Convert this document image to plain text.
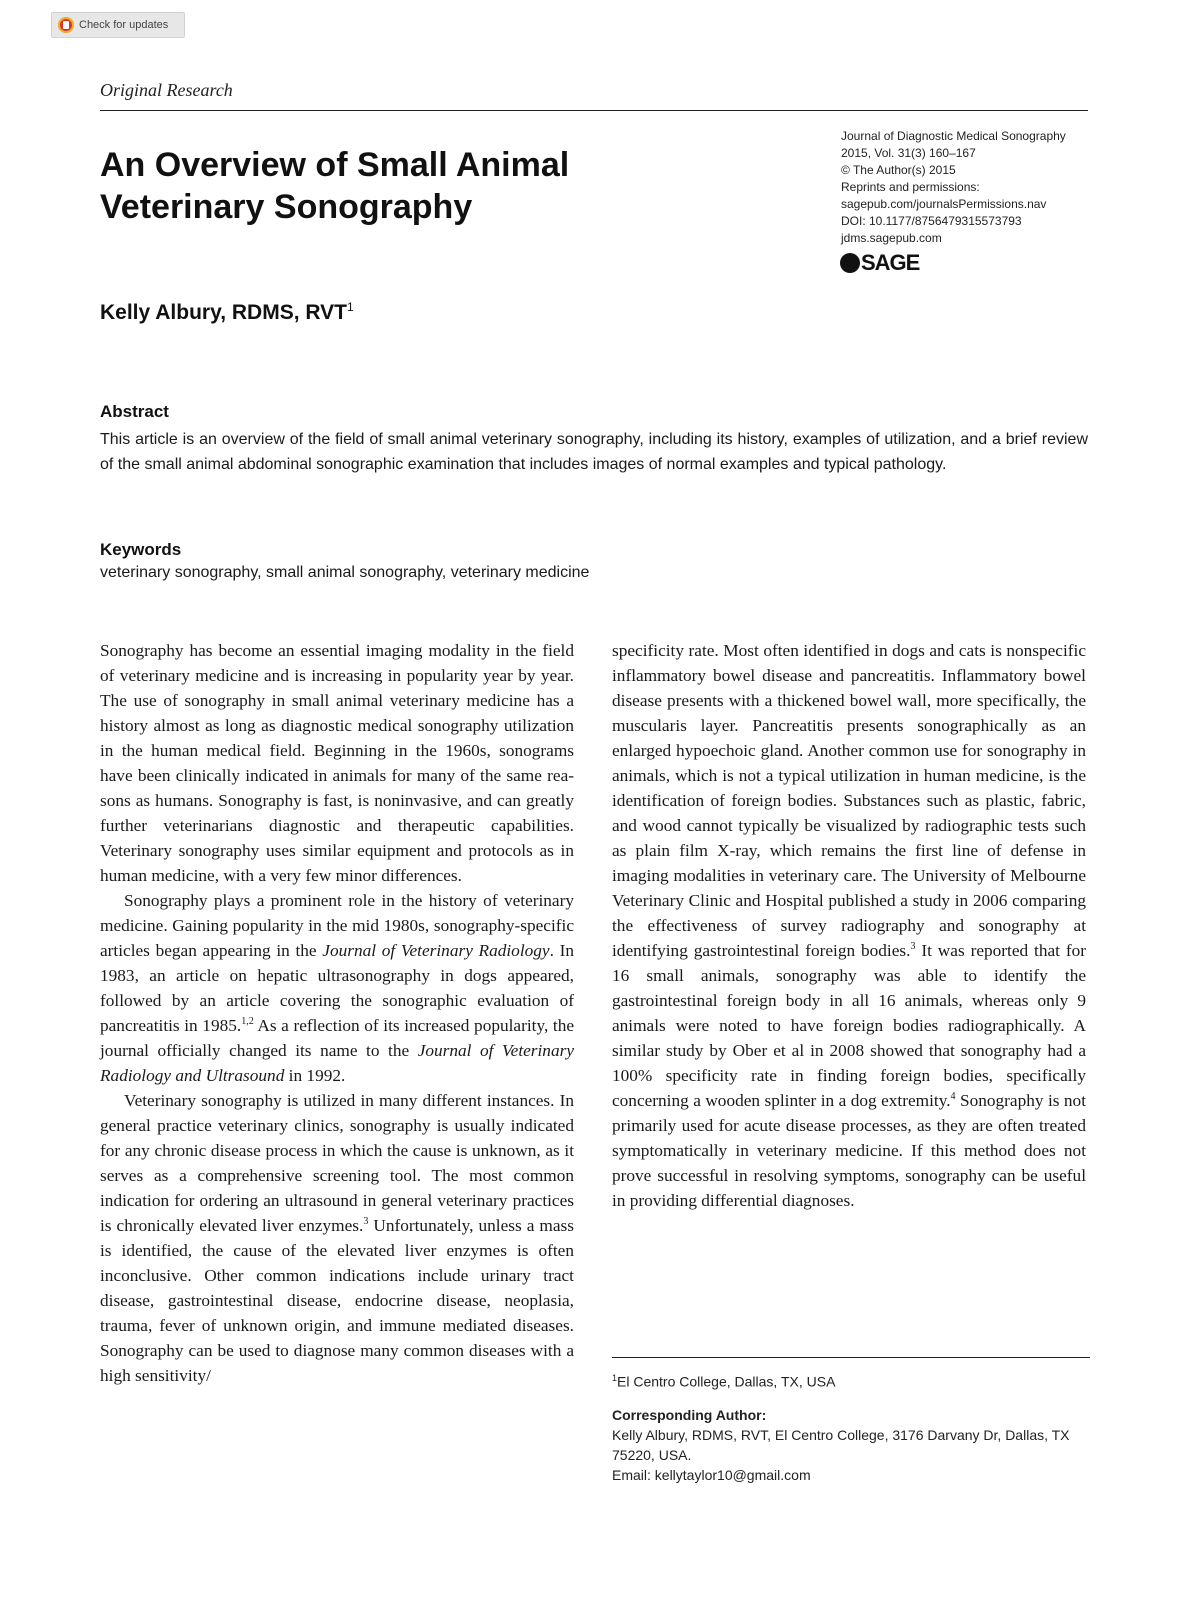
Check for updates
Original Research
An Overview of Small Animal
Veterinary Sonography
Journal of Diagnostic Medical Sonography
2015, Vol. 31(3) 160–167
© The Author(s) 2015
Reprints and permissions:
sagepub.com/journalsPermissions.nav
DOI: 10.1177/8756479315573793
jdms.sagepub.com
SAGE
Kelly Albury, RDMS, RVT$^1$
Abstract

This article is an overview of the field of small animal veterinary sonography, including its history, examples of utilization, and a brief review of the small animal abdominal sonographic examination that includes images of normal examples and typical pathology.

Keywords
veterinary sonography, small animal sonography, veterinary medicine

Sonography has become an essential imaging modality in the field of veterinary medicine and is increasing in popularity year by year. The use of sonography in small animal veterinary medicine has a history almost as long as diagnostic medical sonography utilization in the human medical field. Beginning in the 1960s, sonograms have been clinically indicated in animals for many of the same reasons as humans. Sonography is fast, is noninvasive, and can greatly further veterinarians diagnostic and therapeutic capabilities. Veterinary sonography uses similar equipment and protocols as in human medicine, with a very few minor differences.

Sonography plays a prominent role in the history of veterinary medicine. Gaining popularity in the mid 1980s, sonography-specific articles began appearing in the Journal of Veterinary Radiology. In 1983, an article on hepatic ultrasonography in dogs appeared, followed by an article covering the sonographic evaluation of pancreatitis in 1985.$^{1,2}$ As a reflection of its increased popularity, the journal officially changed its name to the Journal of Veterinary Radiology and Ultrasound in 1992.

Veterinary sonography is utilized in many different instances. In general practice veterinary clinics, sonography is usually indicated for any chronic disease process in which the cause is unknown, as it serves as a comprehensive screening tool. The most common indication for ordering an ultrasound in general veterinary practices is chronically elevated liver enzymes.$^3$ Unfortunately, unless a mass is identified, the cause of the elevated liver enzymes is often inconclusive. Other common indications include urinary tract disease, gastrointestinal disease, endocrine disease, neoplasia, trauma, fever of unknown origin, and immune mediated diseases. Sonography can be used to diagnose many common diseases with a high sensitivity/

specificity rate. Most often identified in dogs and cats is nonspecific inflammatory bowel disease and pancreatitis. Inflammatory bowel disease presents with a thickened bowel wall, more specifically, the muscularis layer. Pancreatitis presents sonographically as an enlarged hypoechoic gland. Another common use for sonography in animals, which is not a typical utilization in human medicine, is the identification of foreign bodies. Substances such as plastic, fabric, and wood cannot typically be visualized by radiographic tests such as plain film X-ray, which remains the first line of defense in imaging modalities in veterinary care. The University of Melbourne Veterinary Clinic and Hospital published a study in 2006 comparing the effectiveness of survey radiography and sonography at identifying gastrointestinal foreign bodies.$^3$ It was reported that for 16 small animals, sonography was able to identify the gastrointestinal foreign body in all 16 animals, whereas only 9 animals were noted to have foreign bodies radiographically. A similar study by Ober et al in 2008 showed that sonography had a 100% specificity rate in finding foreign bodies, specifically concerning a wooden splinter in a dog extremity.$^4$ Sonography is not primarily used for acute disease processes, as they are often treated symptomatically in veterinary medicine. If this method does not prove successful in resolving symptoms, sonography can be useful in providing differential diagnoses.

$^1$El Centro College, Dallas, TX, USA
Corresponding Author:
Kelly Albury, RDMS, RVT, El Centro College, 3176 Darvany Dr, Dallas, TX 75220, USA.
Email: kellytaylor10@gmail.com
